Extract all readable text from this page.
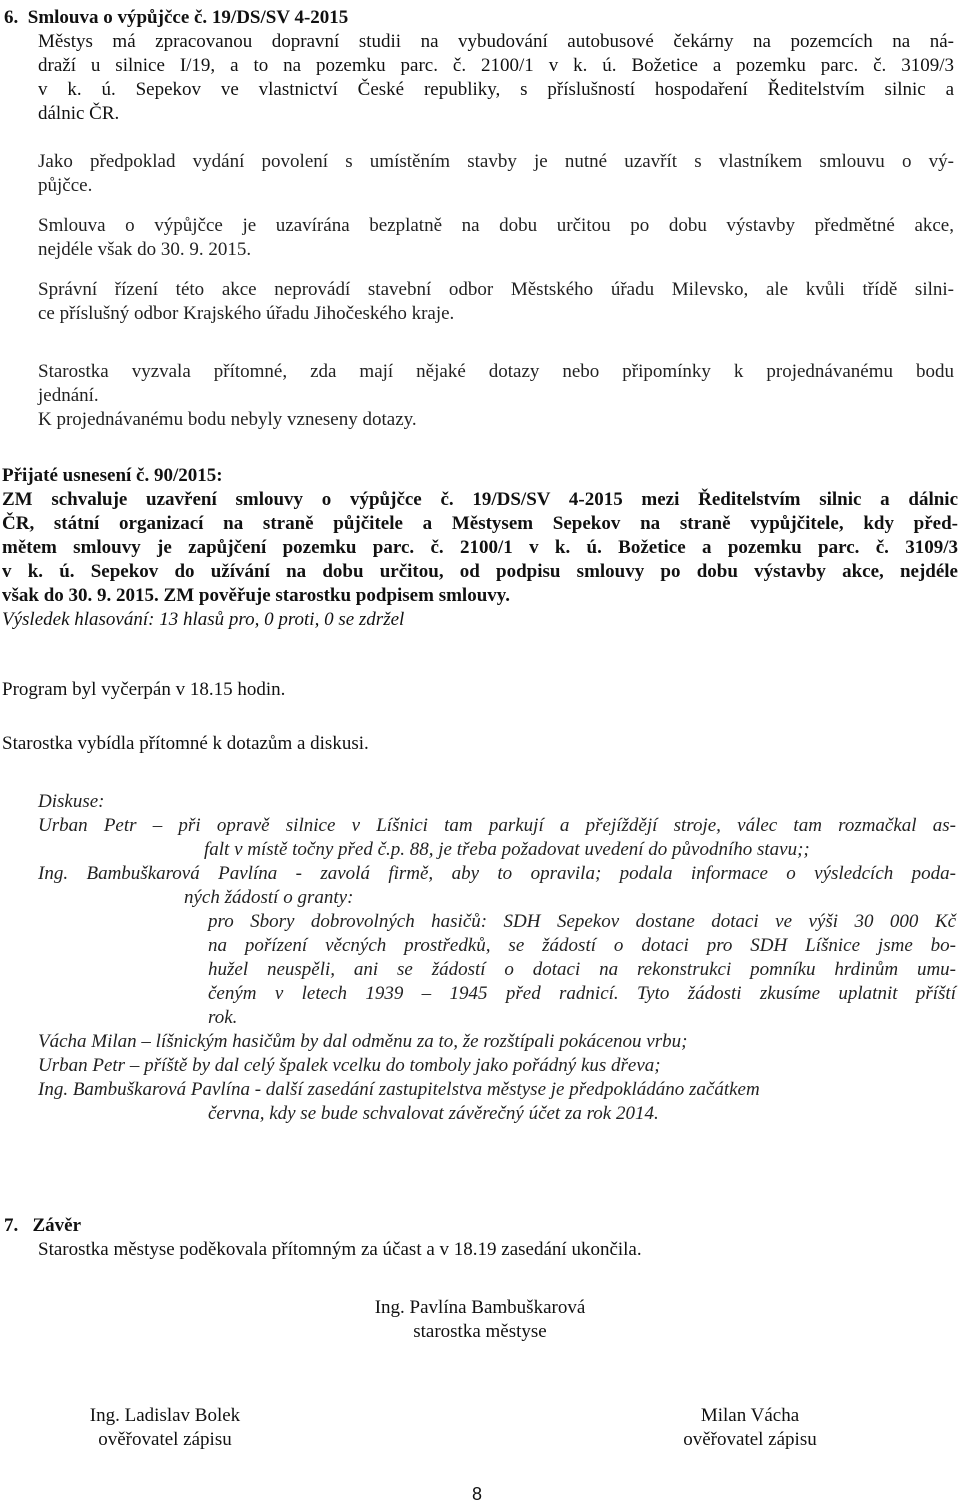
6.  Smlouva o výpůjčce č. 19/DS/SV 4-2015
Městys má zpracovanou dopravní studii na vybudování autobusové čekárny na pozemcích na ná-
draží u silnice I/19, a to na pozemku parc. č. 2100/1 v k. ú. Božetice a pozemku parc. č. 3109/3
v k. ú. Sepekov ve vlastnictví České republiky, s příslušností hospodaření Ředitelstvím silnic a
dálnic ČR.
Jako předpoklad vydání povolení s umístěním stavby je nutné uzavřít s vlastníkem smlouvu o vý-
půjčce.
Smlouva o výpůjčce je uzavírána bezplatně na dobu určitou po dobu výstavby předmětné akce,
nejdéle však do 30. 9. 2015.
Správní řízení této akce neprovádí stavební odbor Městského úřadu Milevsko, ale kvůli třídě silni-
ce příslušný odbor Krajského úřadu Jihočeského kraje.
Starostka vyzvala přítomné, zda mají nějaké dotazy nebo připomínky k projednávanému bodu
jednání.
K projednávanému bodu nebyly vzneseny dotazy.
Přijaté usnesení č. 90/2015:
ZM schvaluje uzavření smlouvy o výpůjčce č. 19/DS/SV 4-2015 mezi Ředitelstvím silnic a dálnic
ČR, státní organizací na straně půjčitele a Městysem Sepekov na straně vypůjčitele, kdy před-
mětem smlouvy je zapůjčení pozemku parc. č. 2100/1 v k. ú. Božetice a pozemku parc. č. 3109/3
v k. ú. Sepekov do užívání na dobu určitou, od podpisu smlouvy po dobu výstavby akce, nejdéle
však do 30. 9. 2015. ZM pověřuje starostku podpisem smlouvy.
Výsledek hlasování: 13 hlasů pro, 0 proti, 0 se zdržel
Program byl vyčerpán v 18.15 hodin.
Starostka vybídla přítomné k dotazům a diskusi.
Diskuse:
Urban Petr – při opravě silnice v Líšnici tam parkují a přejíždějí stroje, válec tam rozmačkal as-
falt v místě točny před č.p. 88, je třeba požadovat uvedení do původního stavu;;
Ing. Bambuškarová Pavlína - zavolá firmě, aby to opravila; podala informace o výsledcích poda-
ných žádostí o granty:
pro Sbory dobrovolných hasičů: SDH Sepekov dostane dotaci ve výši 30 000 Kč
na pořízení věcných prostředků, se žádostí o dotaci pro SDH Líšnice jsme bo-
hužel neuspěli, ani se žádostí o dotaci na rekonstrukci pomníku hrdinům umu-
čeným v letech 1939 – 1945 před radnicí. Tyto žádosti zkusíme uplatnit příští
rok.
Vácha Milan – líšnickým hasičům by dal odměnu za to, že rozštípali pokácenou vrbu;
Urban Petr – příště by dal celý špalek vcelku do tomboly jako pořádný kus dřeva;
Ing. Bambuškarová Pavlína - další zasedání zastupitelstva městyse je předpokládáno začátkem
června, kdy se bude schvalovat závěrečný účet za rok 2014.
7.   Závěr
Starostka městyse poděkovala přítomným za účast a v 18.19 zasedání ukončila.
Ing. Pavlína Bambuškarová
starostka městyse
Ing. Ladislav Bolek
ověřovatel zápisu
Milan Vácha
ověřovatel zápisu
8
